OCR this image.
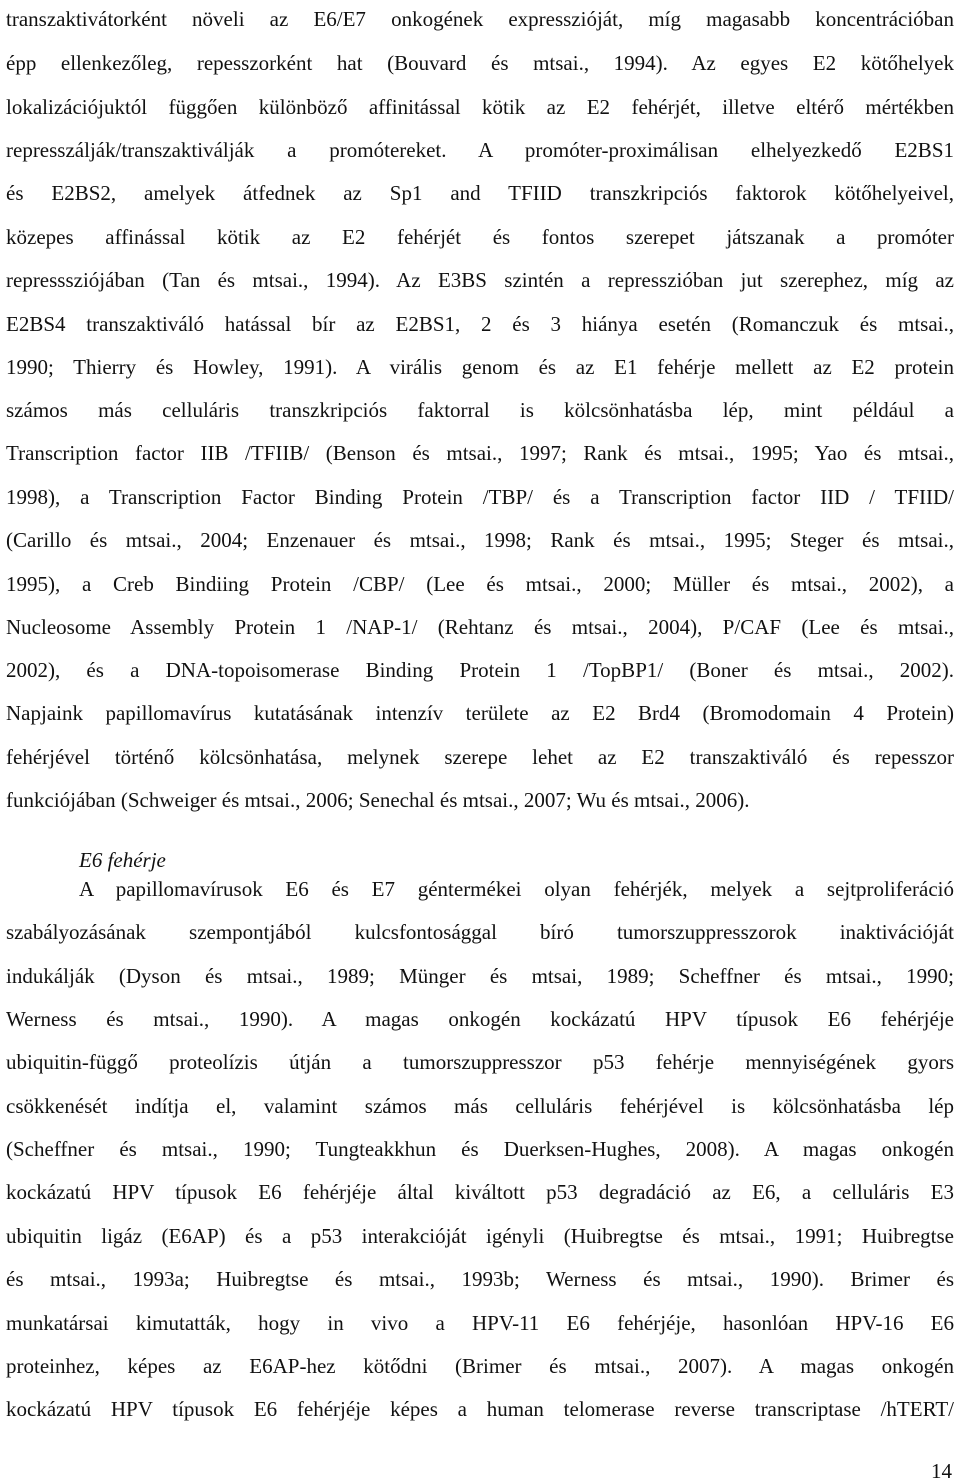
transzaktivátorként növeli az E6/E7 onkogének expresszióját, míg magasabb koncentrációban
épp ellenkezőleg, repesszorként hat (Bouvard és mtsai., 1994). Az egyes E2 kötőhelyek
lokalizációjuktól függően különböző affinitással kötik az E2 fehérjét, illetve eltérő mértékben
represszálják/transzaktiválják a promótereket. A promóter-proximálisan elhelyezkedő E2BS1
és E2BS2, amelyek átfednek az Sp1 and TFIID transzkripciós faktorok kötőhelyeivel,
közepes affinással kötik az E2 fehérjét és fontos szerepet játszanak a promóter
represssziójában (Tan és mtsai., 1994). Az E3BS szintén a represszióban jut szerephez, míg az
E2BS4 transzaktiváló hatással bír az E2BS1, 2 és 3 hiánya esetén (Romanczuk és mtsai.,
1990; Thierry és Howley, 1991). A virális genom és az E1 fehérje mellett az E2 protein
számos más celluláris transzkripciós faktorral is kölcsönhatásba lép, mint például a
Transcription factor IIB /TFIIB/ (Benson és mtsai., 1997; Rank és mtsai., 1995; Yao és mtsai.,
1998), a Transcription Factor Binding Protein /TBP/ és a Transcription factor IID / TFIID/
(Carillo és mtsai., 2004; Enzenauer és mtsai., 1998; Rank és mtsai., 1995; Steger és mtsai.,
1995), a Creb Bindiing Protein /CBP/ (Lee és mtsai., 2000; Müller és mtsai., 2002), a
Nucleosome Assembly Protein 1 /NAP-1/ (Rehtanz és mtsai., 2004), P/CAF (Lee és mtsai.,
2002), és a DNA-topoisomerase Binding Protein 1 /TopBP1/ (Boner és mtsai., 2002).
Napjaink papillomavírus kutatásának intenzív területe az E2 Brd4 (Bromodomain 4 Protein)
fehérjével történő kölcsönhatása, melynek szerepe lehet az E2 transzaktiváló és repesszor
funkciójában (Schweiger és mtsai., 2006; Senechal és mtsai., 2007; Wu és mtsai., 2006).
E6 fehérje
A papillomavírusok E6 és E7 géntermékei olyan fehérjék, melyek a sejtproliferáció
szabályozásának szempontjából kulcsfontosággal bíró tumorszuppresszorok inaktivációját
indukálják (Dyson és mtsai., 1989; Münger és mtsai, 1989; Scheffner és mtsai., 1990;
Werness és mtsai., 1990). A magas onkogén kockázatú HPV típusok E6 fehérjéje
ubiquitin-függő proteolízis útján a tumorszuppresszor p53 fehérje mennyiségének gyors
csökkenését indítja el, valamint számos más celluláris fehérjével is kölcsönhatásba lép
(Scheffner és mtsai., 1990; Tungteakkhun és Duerksen-Hughes, 2008). A magas onkogén
kockázatú HPV típusok E6 fehérjéje által kiváltott p53 degradáció az E6, a celluláris E3
ubiquitin ligáz (E6AP) és a p53 interakcióját igényli (Huibregtse és mtsai., 1991; Huibregtse
és mtsai., 1993a; Huibregtse és mtsai., 1993b; Werness és mtsai., 1990). Brimer és
munkatársai kimutatták, hogy in vivo a HPV-11 E6 fehérjéje, hasonlóan HPV-16 E6
proteinhez, képes az E6AP-hez kötődni (Brimer és mtsai., 2007). A magas onkogén
kockázatú HPV típusok E6 fehérjéje képes a human telomerase reverse transcriptase /hTERT/
14
